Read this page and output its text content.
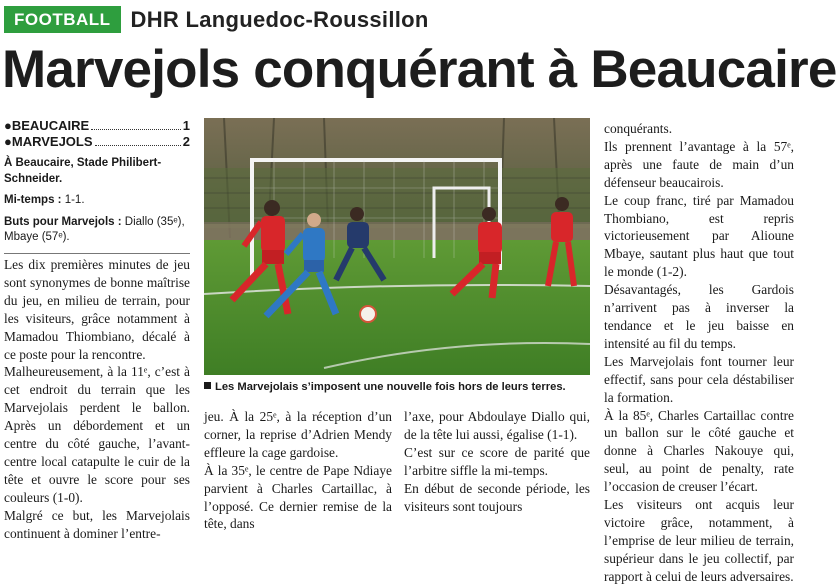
FOOTBALL DHR Languedoc-Roussillon
Marvejols conquérant à Beaucaire
● BEAUCAIRE	1
● MARVEJOLS	2
À Beaucaire, Stade Philibert-Schneider.
Mi-temps : 1-1.
Buts pour Marvejols : Diallo (35ᵉ), Mbaye (57ᵉ).

Les dix premières minutes de jeu sont synonymes de bonne maîtrise du jeu, en milieu de terrain, pour les visiteurs, grâce notamment à Mamadou Thiombiano, décalé à ce poste pour la rencontre.

Malheureusement, à la 11ᵉ, c’est à cet endroit du terrain que les Marvejolais perdent le ballon. Après un débordement et un centre du côté gauche, l’avant-centre local catapulte le cuir de la tête et ouvre le score pour ses couleurs (1-0).

Malgré ce but, les Marvejolais continuent à dominer l’entre-

Les Marvejolais s’imposent une nouvelle fois hors de leurs terres.

jeu. À la 25ᵉ, à la réception d’un corner, la reprise d’Adrien Mendy effleure la cage gardoise.

À la 35ᵉ, le centre de Pape Ndiaye parvient à Charles Cartaillac, à l’opposé. Ce dernier remise de la tête, dans

l’axe, pour Abdoulaye Diallo qui, de la tête lui aussi, égalise (1-1).

C’est sur ce score de parité que l’arbitre siffle la mi-temps.

En début de seconde période, les visiteurs sont toujours

conquérants.

Ils prennent l’avantage à la 57ᵉ, après une faute de main d’un défenseur beaucairois.

Le coup franc, tiré par Mamadou Thombiano, est repris victorieusement par Alioune Mbaye, sautant plus haut que tout le monde (1-2).

Désavantagés, les Gardois n’arrivent pas à inverser la tendance et le jeu baisse en intensité au fil du temps.

Les Marvejolais font tourner leur effectif, sans pour cela déstabiliser la formation.

À la 85ᵉ, Charles Cartaillac contre un ballon sur le côté gauche et donne à Charles Nakouye qui, seul, au point de penalty, rate l’occasion de creuser l’écart.

Les visiteurs ont acquis leur victoire grâce, notamment, à l’emprise de leur milieu de terrain, supérieur dans le jeu collectif, par rapport à celui de leurs adversaires.
